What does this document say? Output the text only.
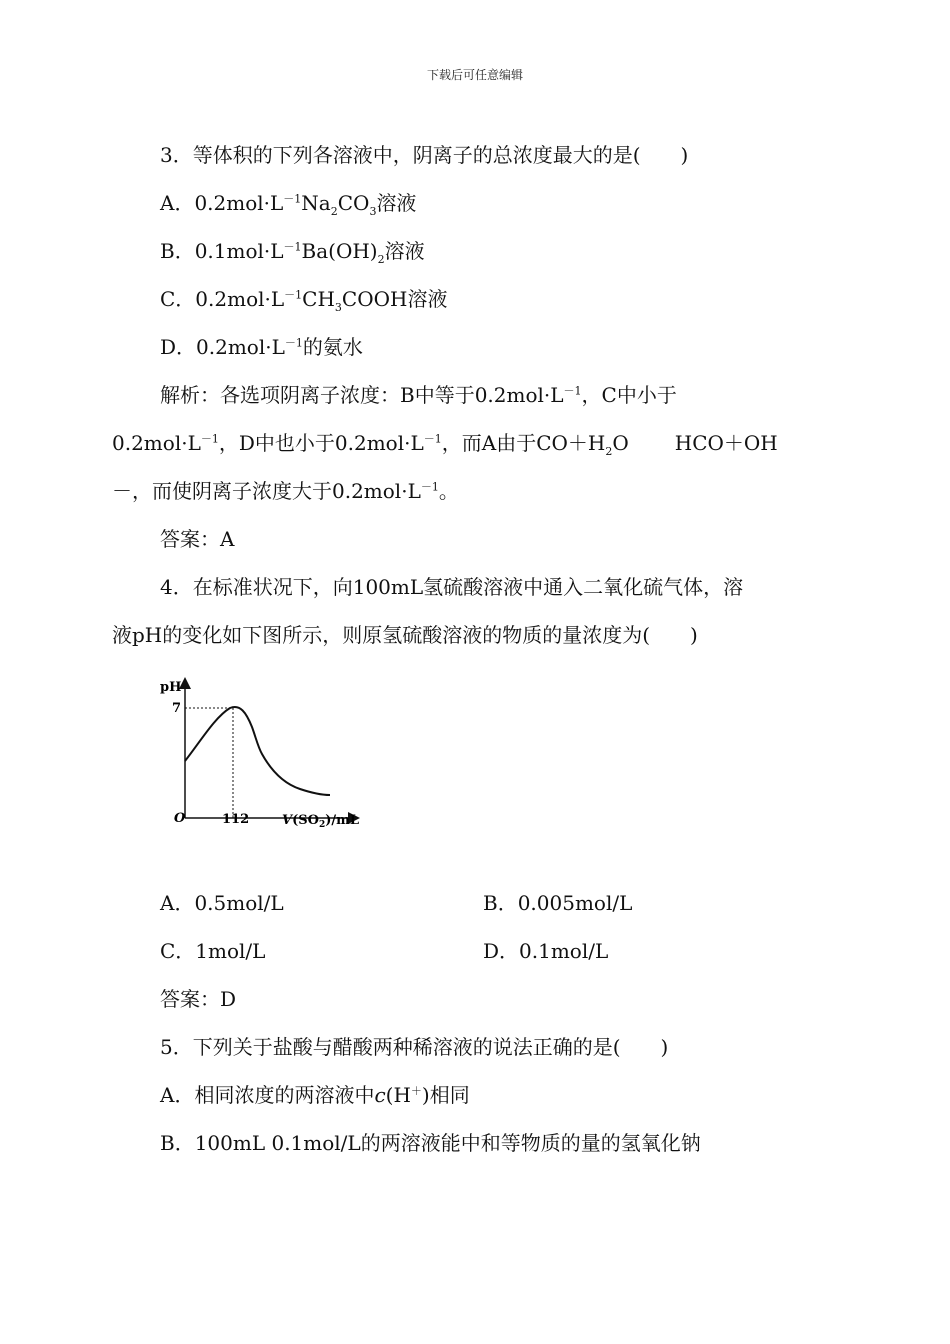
下载后可任意编辑
3．等体积的下列各溶液中，阴离子的总浓度最大的是(　　)
A．$0.2mol\cdot L^{-1}Na_2CO_3$溶液
B．$0.1mol\cdot L^{-1}Ba(OH)_2$溶液
C．$0.2mol\cdot L^{-1}CH_3COOH$溶液
D．$0.2mol\cdot L^{-1}$的氨水
解析：各选项阴离子浓度：B中等于$0.2mol\cdot L^{-1}$，C中小于
$0.2mol\cdot L^{-1}$，D中也小于$0.2mol\cdot L^{-1}$，而A由于$CO+H_2O$ HCO＋OH
－，而使阴离子浓度大于$0.2mol\cdot L^{-1}$。
答案：A
4．在标准状况下，向100mL氢硫酸溶液中通入二氧化硫气体，溶
液pH的变化如下图所示，则原氢硫酸溶液的物质的量浓度为(　　)
pH
7
O	112	$V(SO_2)/mL$
A．0.5mol/L	B．0.005mol/L
C．1mol/L	D．0.1mol/L
答案：D
5．下列关于盐酸与醋酸两种稀溶液的说法正确的是(　　)
A．相同浓度的两溶液中c(H＋)相同
B．100mL 0.1mol/L的两溶液能中和等物质的量的氢氧化钠
